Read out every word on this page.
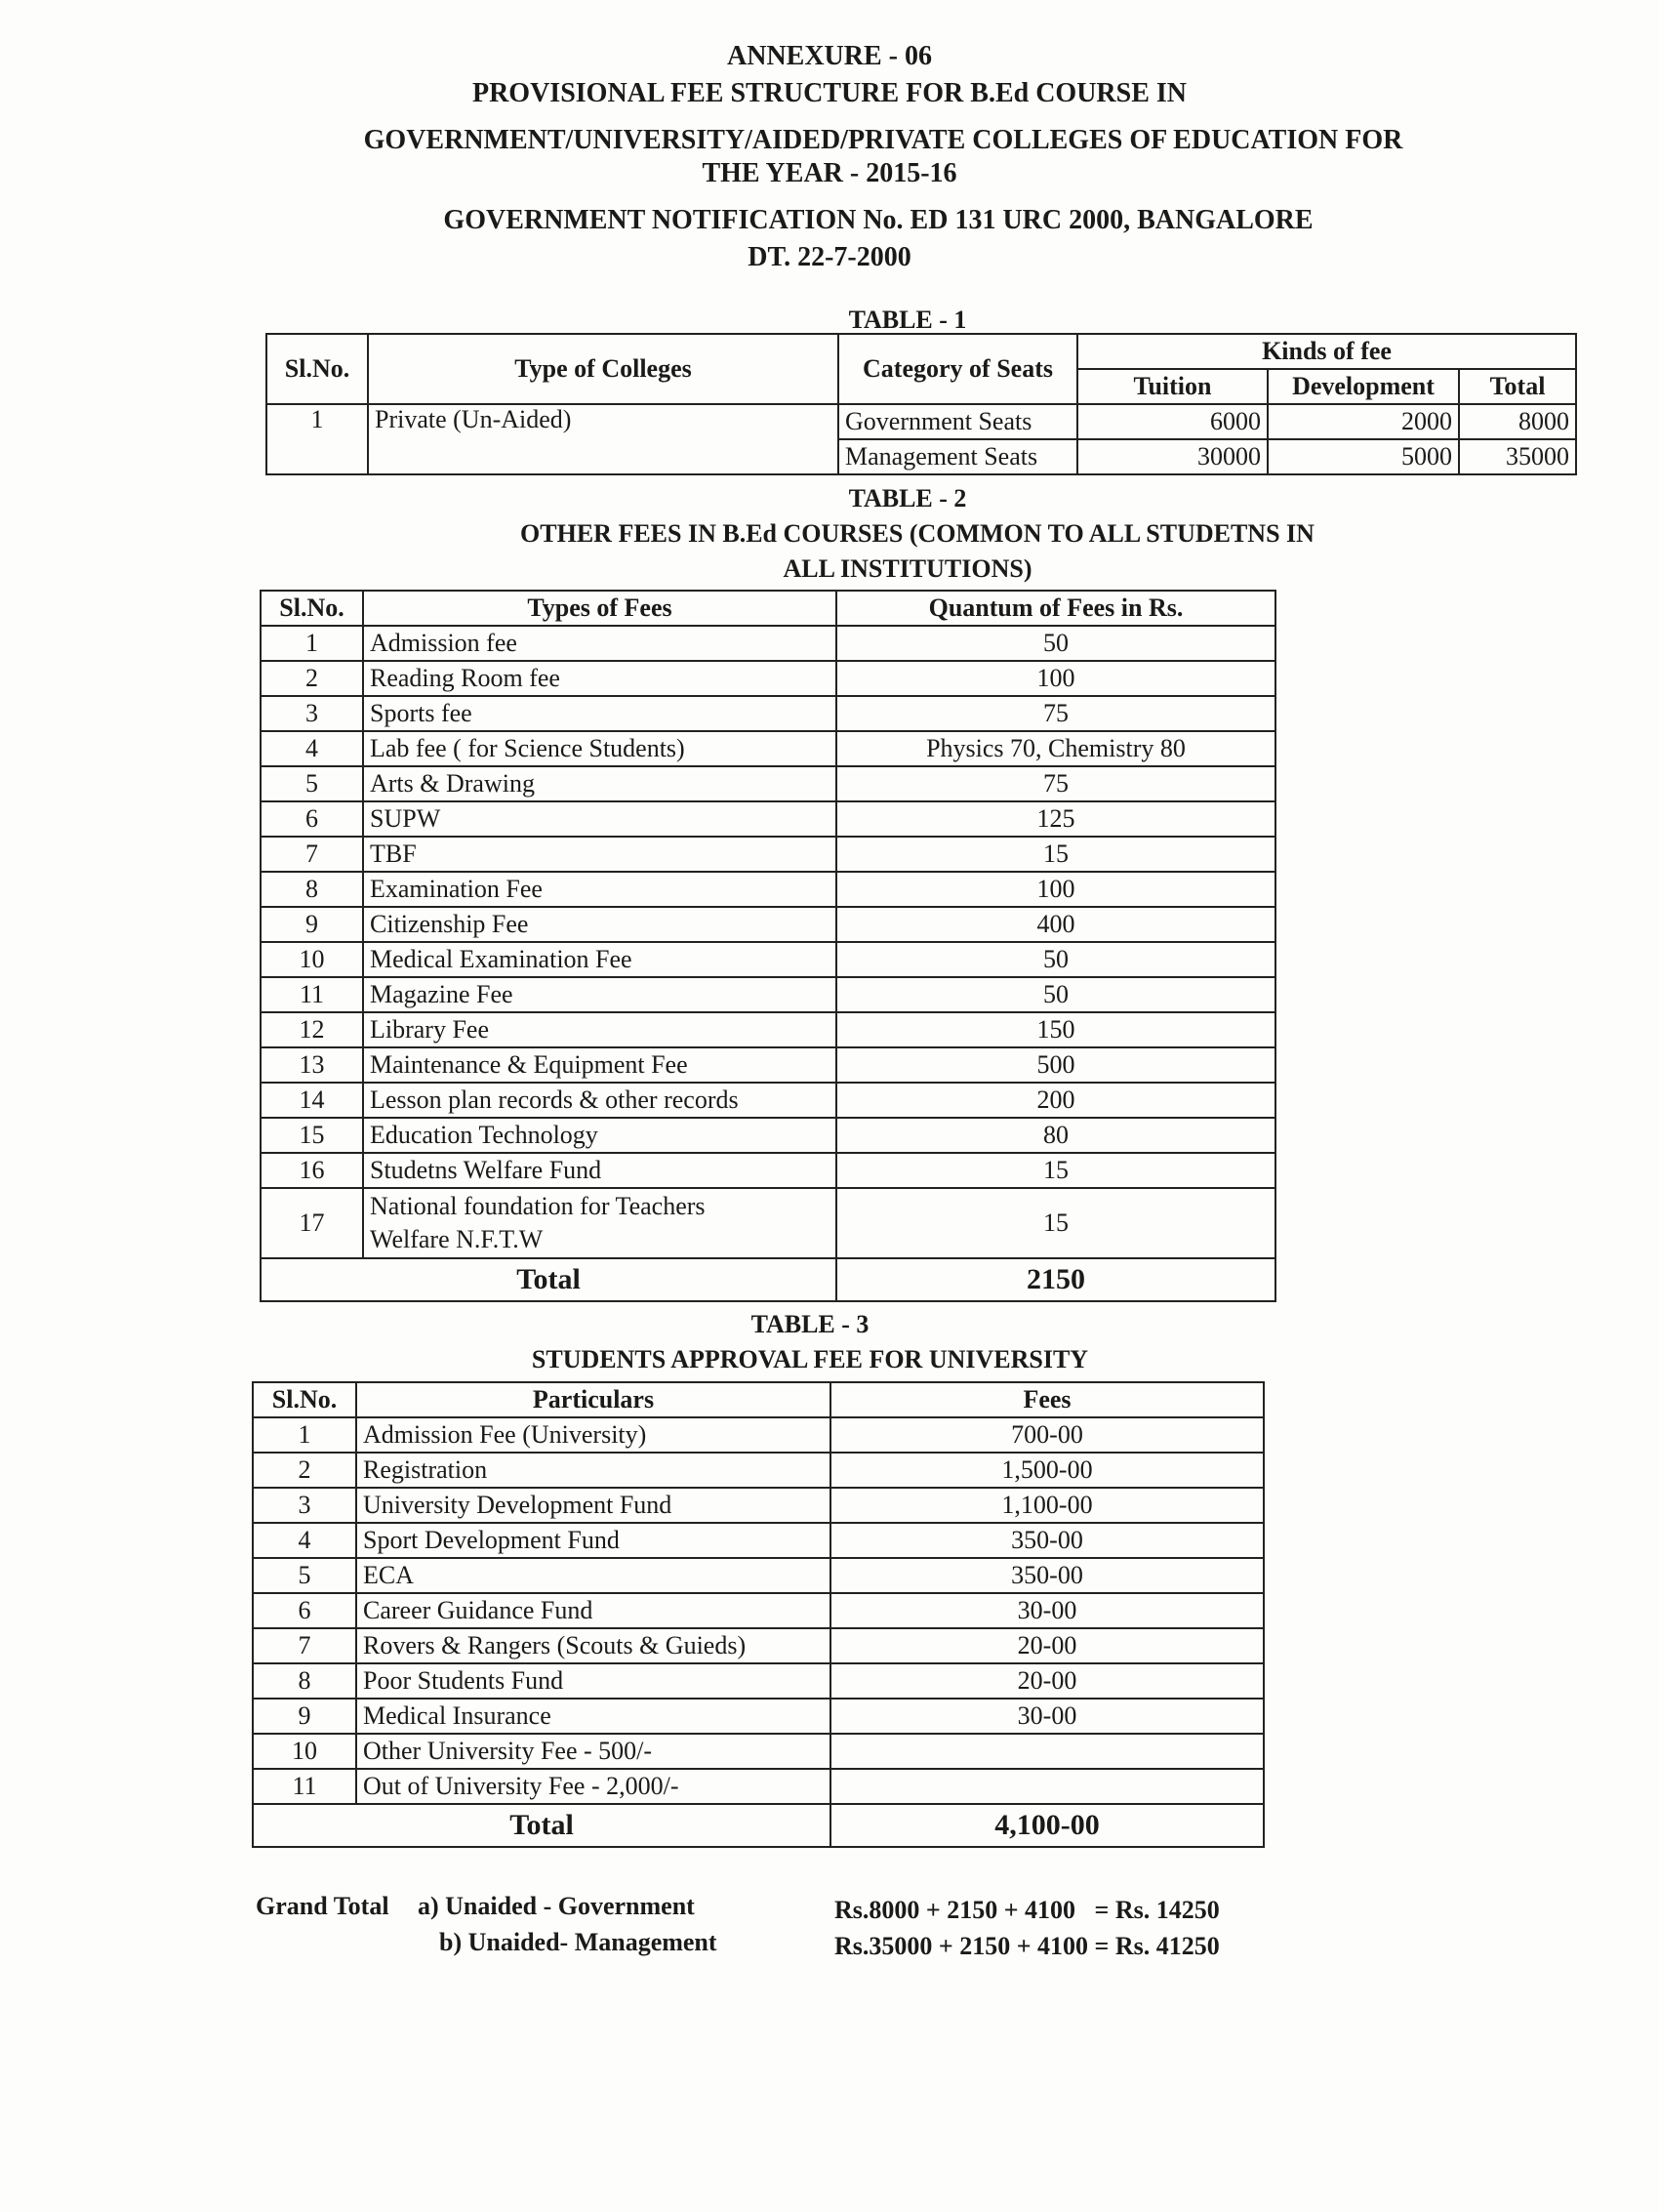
ANNEXURE - 06
PROVISIONAL FEE STRUCTURE FOR B.Ed COURSE IN
GOVERNMENT/UNIVERSITY/AIDED/PRIVATE COLLEGES OF EDUCATION FOR
THE YEAR - 2015-16
GOVERNMENT NOTIFICATION No. ED 131 URC 2000, BANGALORE
DT. 22-7-2000
TABLE - 1
Sl.No.	Type of Colleges	Category of Seats	Kinds of fee		
			Tuition	Development	Total
1	Private (Un-Aided)	Government Seats	6000	2000	8000
		Management Seats	30000	5000	35000
TABLE - 2
OTHER FEES IN B.Ed COURSES (COMMON TO ALL STUDETNS IN
ALL INSTITUTIONS)
Sl.No.	Types of Fees	Quantum of Fees in Rs.
1	Admission fee	50
2	Reading Room fee	100
3	Sports fee	75
4	Lab fee ( for Science Students)	Physics 70, Chemistry 80
5	Arts & Drawing	75
6	SUPW	125
7	TBF	15
8	Examination Fee	100
9	Citizenship Fee	400
10	Medical Examination Fee	50
11	Magazine Fee	50
12	Library Fee	150
13	Maintenance & Equipment Fee	500
14	Lesson plan records & other records	200
15	Education Technology	80
16	Studetns Welfare Fund	15
17	National foundation for Teachers
Welfare N.F.T.W	15
Total		2150
TABLE - 3
STUDENTS APPROVAL FEE FOR UNIVERSITY
Sl.No.	Particulars	Fees
1	Admission Fee (University)	700-00
2	Registration	1,500-00
3	University Development Fund	1,100-00
4	Sport Development Fund	350-00
5	ECA	350-00
6	Career Guidance Fund	30-00
7	Rovers & Rangers (Scouts & Guieds)	20-00
8	Poor Students Fund	20-00
9	Medical Insurance	30-00
10	Other University Fee - 500/-	
11	Out of University Fee - 2,000/-	
Total		4,100-00
Grand Total a) Unaided - Government	Rs.8000 + 2150 + 4100   = Rs. 14250
b) Unaided- Management	Rs.35000 + 2150 + 4100 = Rs. 41250
